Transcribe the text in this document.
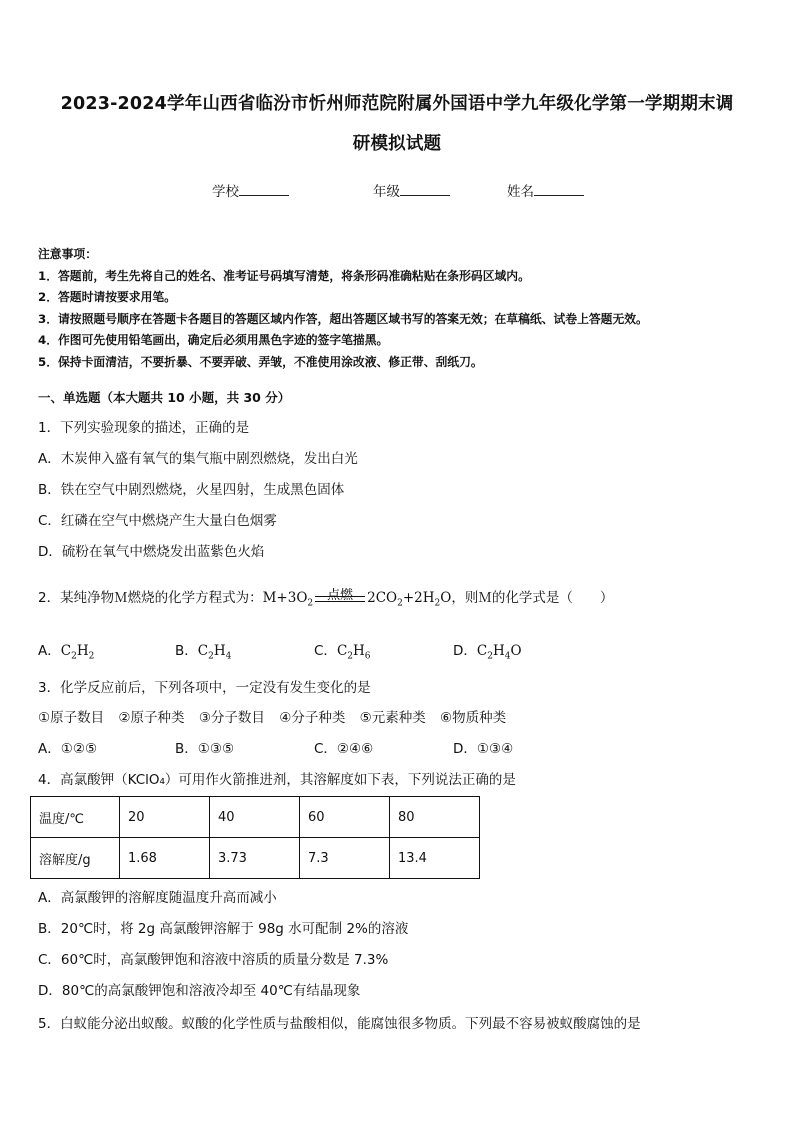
2023-2024学年山西省临汾市忻州师范院附属外国语中学九年级化学第一学期期末调
研模拟试题
学校	年级	姓名
注意事项：
1．答题前，考生先将自己的姓名、准考证号码填写清楚，将条形码准确粘贴在条形码区域内。
2．答题时请按要求用笔。
3．请按照题号顺序在答题卡各题目的答题区域内作答，超出答题区域书写的答案无效；在草稿纸、试卷上答题无效。
4．作图可先使用铅笔画出，确定后必须用黑色字迹的签字笔描黑。
5．保持卡面清洁，不要折暴、不要弄破、弄皱，不准使用涂改液、修正带、刮纸刀。
一、单选题（本大题共 10 小题，共 30 分）
1．下列实验现象的描述，正确的是
A．木炭伸入盛有氧气的集气瓶中剧烈燃烧，发出白光
B．铁在空气中剧烈燃烧，火星四射，生成黑色固体
C．红磷在空气中燃烧产生大量白色烟雾
D．硫粉在氧气中燃烧发出蓝紫色火焰
2．某纯净物Ｍ燃烧的化学方程式为：$M+3O_2$
点燃	$2CO_2+2H_2O$，则Ｍ的化学式是（　　）
A．$C_2H_2$	B．$C_2H_4$	C．$C_2H_6$	D．$C_2H_4O$
3．化学反应前后，下列各项中，一定没有发生变化的是
①原子数目 ②原子种类 ③分子数目 ④分子种类 ⑤元素种类 ⑥物质种类
A．①②⑤	B．①③⑤	C．②④⑥	D．①③④
4．高氯酸钾（KClO₄）可用作火箭推进剂，其溶解度如下表，下列说法正确的是
温度/℃	20	40	60	80
溶解度/g	1.68	3.73	7.3	13.4
A．高氯酸钾的溶解度随温度升高而减小
B．20℃时，将 2g 高氯酸钾溶解于 98g 水可配制 2%的溶液
C．60℃时，高氯酸钾饱和溶液中溶质的质量分数是 7.3%
D．80℃的高氯酸钾饱和溶液冷却至 40℃有结晶现象
5．白蚁能分泌出蚁酸。蚁酸的化学性质与盐酸相似，能腐蚀很多物质。下列最不容易被蚁酸腐蚀的是
